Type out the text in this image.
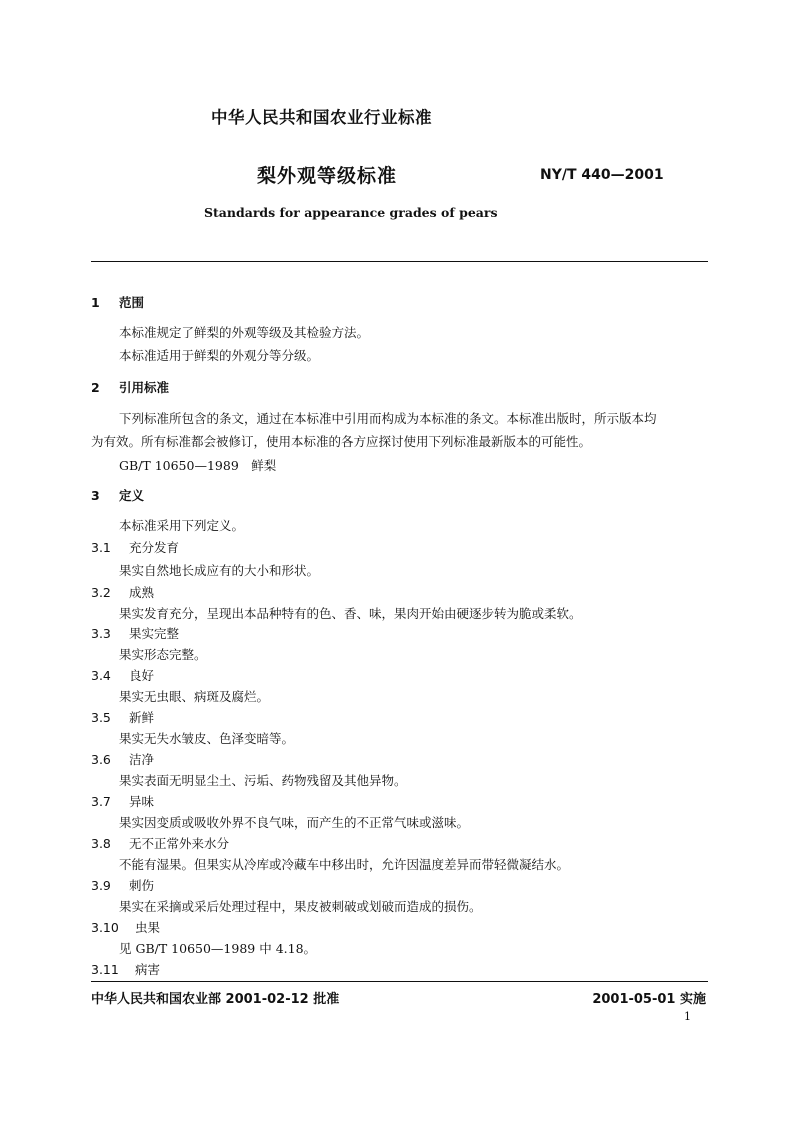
中华人民共和国农业行业标准
梨外观等级标准	NY/T 440—2001
Standards for appearance grades of pears
1 范围
本标准规定了鲜梨的外观等级及其检验方法。
本标准适用于鲜梨的外观分等分级。
2 引用标准
下列标准所包含的条文，通过在本标准中引用而构成为本标准的条文。本标准出版时，所示版本均
为有效。所有标准都会被修订，使用本标准的各方应探讨使用下列标准最新版本的可能性。
GB/T 10650—1989　鲜梨
3 定义
本标准采用下列定义。
3.1 充分发育
果实自然地长成应有的大小和形状。
3.2 成熟
果实发育充分，呈现出本品种特有的色、香、味，果肉开始由硬逐步转为脆或柔软。
3.3 果实完整
果实形态完整。
3.4 良好
果实无虫眼、病斑及腐烂。
3.5 新鲜
果实无失水皱皮、色泽变暗等。
3.6 洁净
果实表面无明显尘土、污垢、药物残留及其他异物。
3.7 异味
果实因变质或吸收外界不良气味，而产生的不正常气味或滋味。
3.8 无不正常外来水分
不能有湿果。但果实从冷库或冷藏车中移出时，允许因温度差异而带轻微凝结水。
3.9 刺伤
果实在采摘或采后处理过程中，果皮被刺破或划破而造成的损伤。
3.10 虫果
见 GB/T 10650—1989 中 4.18。
3.11 病害
中华人民共和国农业部 2001-02-12 批准	2001-05-01 实施
1
